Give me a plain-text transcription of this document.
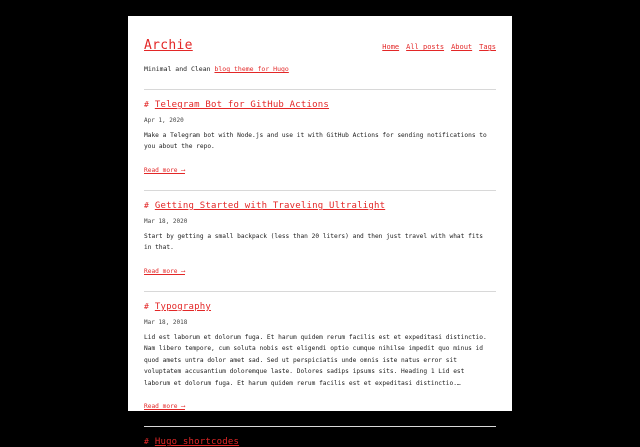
Archie	Home All posts About Tags
Minimal and Clean blog theme for Hugo
# Telegram Bot for GitHub Actions
Apr 1, 2020

Make a Telegram bot with Node.js and use it with GitHub Actions for sending notifications to you about the repo.

Read more ⟶
# Getting Started with Traveling Ultralight
Mar 18, 2020

Start by getting a small backpack (less than 20 liters) and then just travel with what fits in that.

Read more ⟶
# Typography
Mar 18, 2018

Lid est laborum et dolorum fuga. Et harum quidem rerum facilis est et expeditasi distinctio. Nam libero tempore, cum soluta nobis est eligendi optio cumque nihilse impedit quo minus id quod amets untra dolor amet sad. Sed ut perspiciatis unde omnis iste natus error sit voluptatem accusantium doloremque laste. Dolores sadips ipsums sits. Heading 1 Lid est laborum et dolorum fuga. Et harum quidem rerum facilis est et expeditasi distinctio.…

Read more ⟶
# Hugo shortcodes
